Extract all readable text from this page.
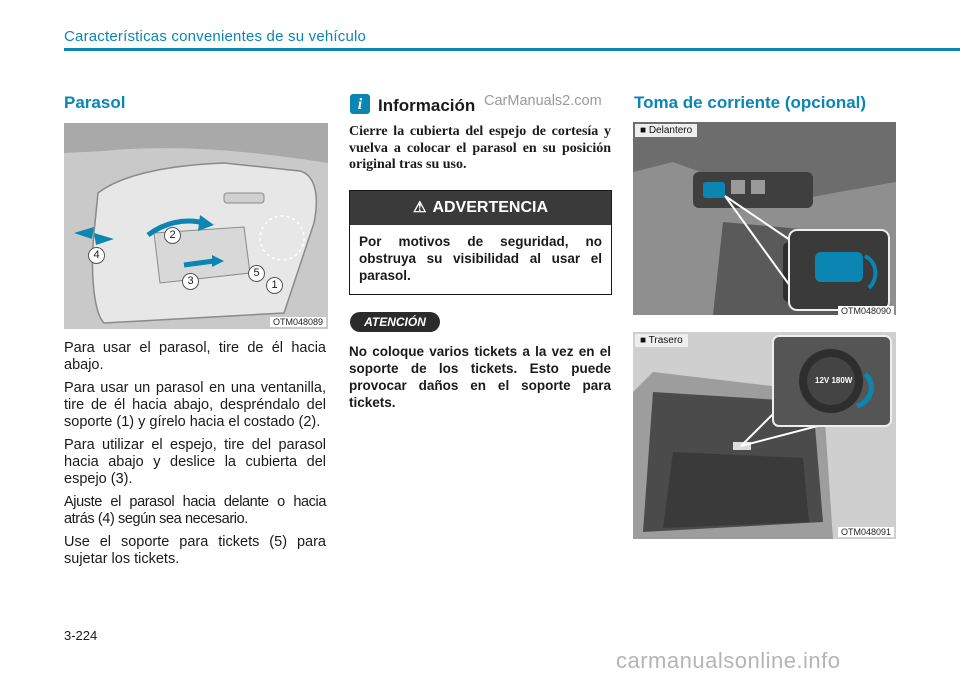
Características convenientes de su vehículo
Parasol
2
4
3
5
1
OTM048089

Para usar el parasol, tire de él hacia abajo.

Para usar un parasol en una ventanilla, tire de él hacia abajo, despréndalo del soporte (1) y gírelo hacia el costado (2).

Para utilizar el espejo, tire del parasol hacia abajo y deslice la cubierta del espejo (3).

Ajuste el parasol hacia delante o hacia atrás (4) según sea necesario.

Use el soporte para tickets (5) para sujetar los tickets.

i Información CarManuals2.com
Cierre la cubierta del espejo de cortesía y vuelva a colocar el parasol en su posición original tras su uso.
⚠ ADVERTENCIA
Por motivos de seguridad, no obstruya su visibilidad al usar el parasol.
ATENCIÓN
No coloque varios tickets a la vez en el soporte de los tickets. Esto puede provocar daños en el soporte para tickets.
Toma de corriente (opcional)
■ Delantero
OTM048090
12V 180W
■ Trasero
OTM048091
3-224
carmanualsonline.info
